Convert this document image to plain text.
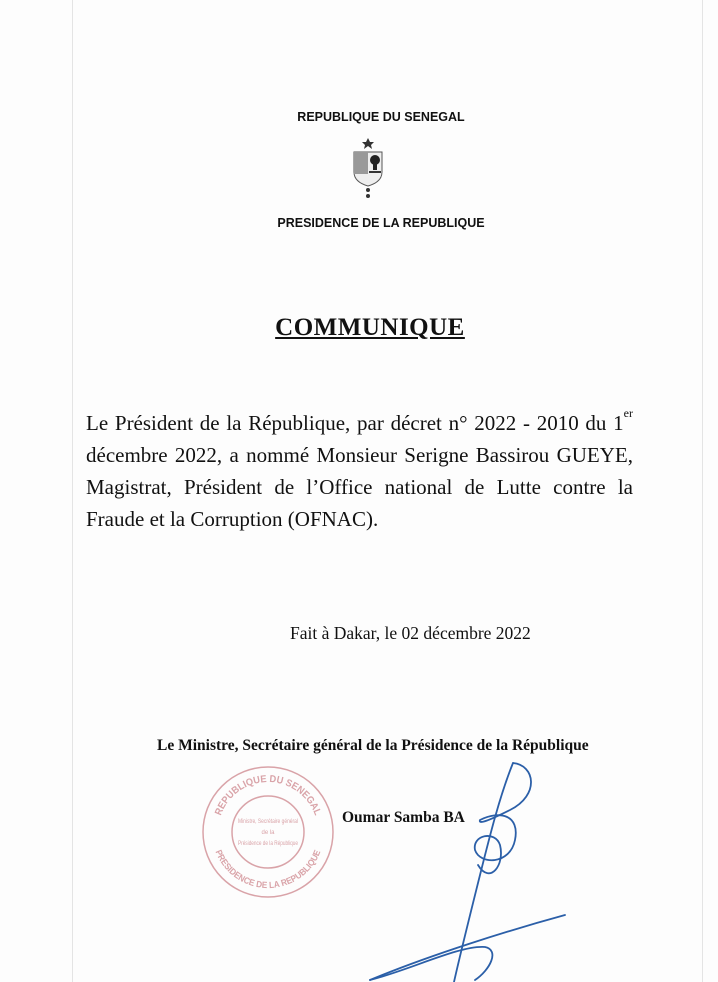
REPUBLIQUE DU SENEGAL
PRESIDENCE DE LA REPUBLIQUE
COMMUNIQUE
Le Président de la République, par décret n° 2022 - 2010 du 1er décembre 2022, a nommé Monsieur Serigne Bassirou GUEYE, Magistrat, Président de l’Office national de Lutte contre la Fraude et la Corruption (OFNAC).
Fait à Dakar, le 02 décembre 2022
Le Ministre, Secrétaire général de la Présidence de la République
REPUBLIQUE DU SENEGAL
PRESIDENCE DE LA REPUBLIQUE
Ministre, Secrétaire général
de la
Présidence de la République
Oumar Samba BA
